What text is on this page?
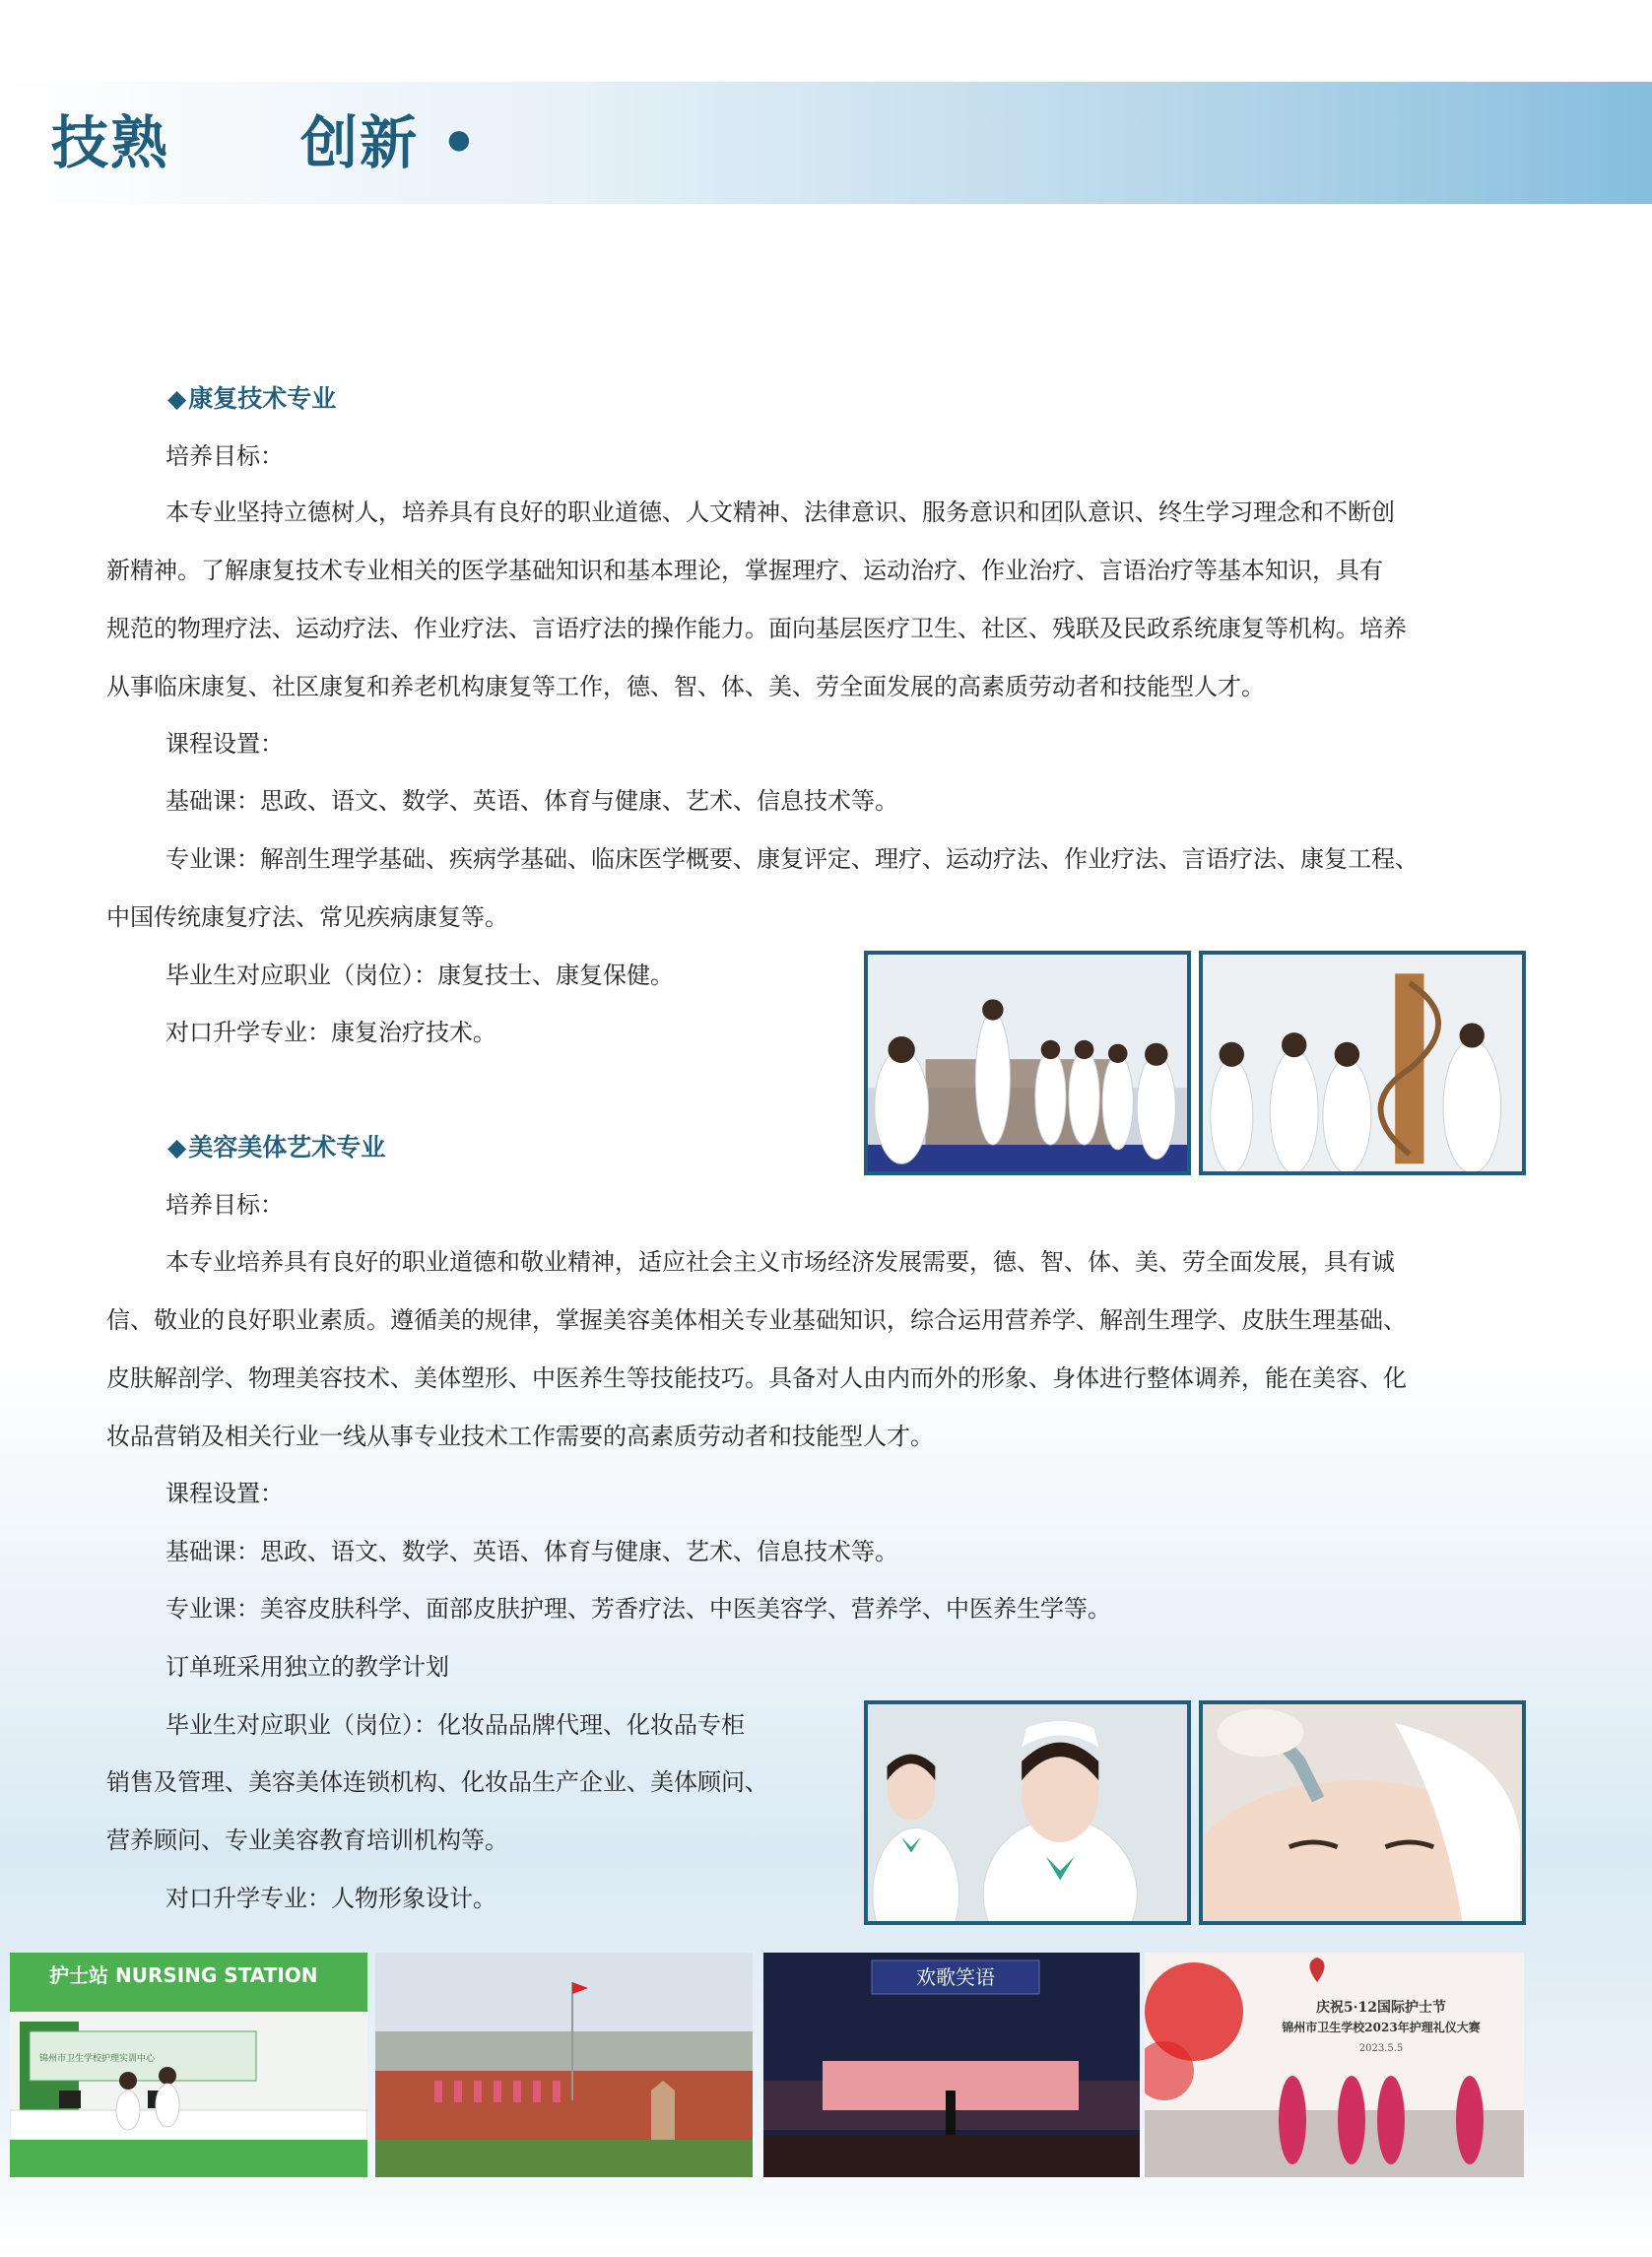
技熟 创新 •
◆康复技术专业
培养目标：
本专业坚持立德树人，培养具有良好的职业道德、人文精神、法律意识、服务意识和团队意识、终生学习理念和不断创
新精神。了解康复技术专业相关的医学基础知识和基本理论，掌握理疗、运动治疗、作业治疗、言语治疗等基本知识，具有
规范的物理疗法、运动疗法、作业疗法、言语疗法的操作能力。面向基层医疗卫生、社区、残联及民政系统康复等机构。培养
从事临床康复、社区康复和养老机构康复等工作，德、智、体、美、劳全面发展的高素质劳动者和技能型人才。
课程设置：
基础课：思政、语文、数学、英语、体育与健康、艺术、信息技术等。
专业课：解剖生理学基础、疾病学基础、临床医学概要、康复评定、理疗、运动疗法、作业疗法、言语疗法、康复工程、
中国传统康复疗法、常见疾病康复等。
毕业生对应职业（岗位）：康复技士、康复保健。
对口升学专业：康复治疗技术。
◆美容美体艺术专业
培养目标：
本专业培养具有良好的职业道德和敬业精神，适应社会主义市场经济发展需要，德、智、体、美、劳全面发展，具有诚
信、敬业的良好职业素质。遵循美的规律，掌握美容美体相关专业基础知识，综合运用营养学、解剖生理学、皮肤生理基础、
皮肤解剖学、物理美容技术、美体塑形、中医养生等技能技巧。具备对人由内而外的形象、身体进行整体调养，能在美容、化
妆品营销及相关行业一线从事专业技术工作需要的高素质劳动者和技能型人才。
课程设置：
基础课：思政、语文、数学、英语、体育与健康、艺术、信息技术等。
专业课：美容皮肤科学、面部皮肤护理、芳香疗法、中医美容学、营养学、中医养生学等。
订单班采用独立的教学计划
毕业生对应职业（岗位）：化妆品品牌代理、化妆品专柜
销售及管理、美容美体连锁机构、化妆品生产企业、美体顾问、
营养顾问、专业美容教育培训机构等。
对口升学专业：人物形象设计。
护士站 NURSING STATION
锦州市卫生学校护理实训中心
欢歌笑语
庆祝5·12国际护士节
锦州市卫生学校2023年护理礼仪大赛
2023.5.5
